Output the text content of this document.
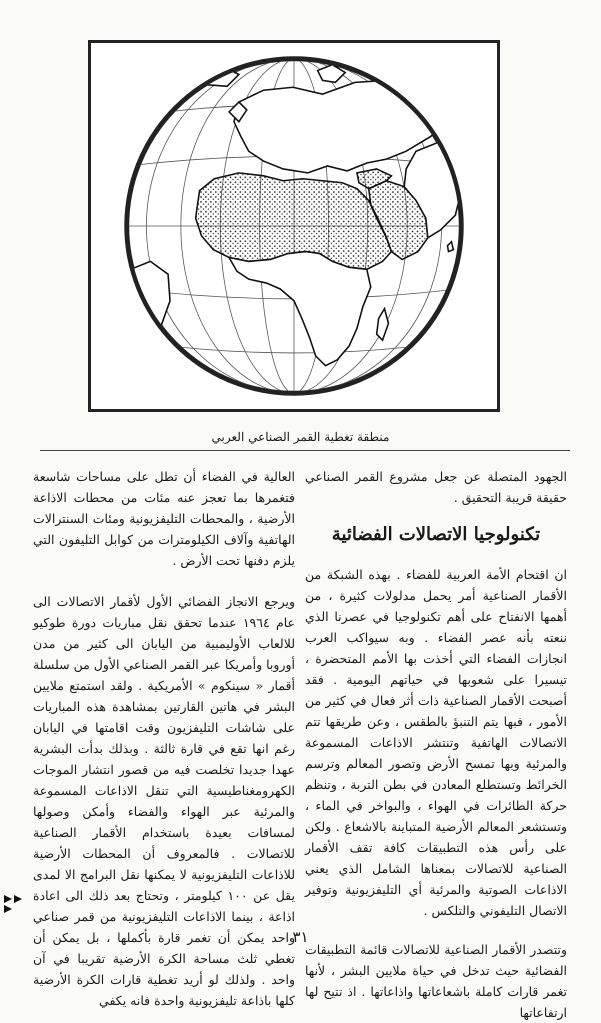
منطقة تغطية القمر الصناعي العربي

الجهود المتصلة عن جعل مشروع القمر الصناعي حقيقة قريبة التحقيق .

تكنولوجيا الاتصالات الفضائية

ان اقتحام الأمة العربية للفضاء . بهذه الشبكة من الأقمار الصناعية أمر يحمل مدلولات كثيرة ، من أهمها الانفتاح على أهم تكنولوجيا في عصرنا الذي ننعته بأنه عصر الفضاء . وبه سيواكب العرب انجازات الفضاء التي أخذت بها الأمم المتحضرة ، تيسيرا على شعوبها في حياتهم اليومية . فقد أصبحت الأقمار الصناعية ذات أثر فعال في كثير من الأمور ، فبها يتم التنبؤ بالطقس ، وعن طريقها تتم الاتصالات الهاتفية وتنتشر الاذاعات المسموعة والمرئية وبها تمسح الأرض وتصور المعالم وترسم الخرائط وتستطلع المعادن في بطن التربة ، وتنظم حركة الطائرات في الهواء ، والبواخر في الماء ، وتستشعر المعالم الأرضية المتباينة بالاشعاع . ولكن على رأس هذه التطبيقات كافة تقف الأقمار الصناعية للاتصالات بمعناها الشامل الذي يعني الاذاعات الصوتية والمرئية أي التليفزيونية وتوفير الاتصال التليفوني والتلكس .

وتتصدر الأقمار الصناعية للاتصالات قائمة التطبيقات الفضائية حيث تدخل في حياة ملايين البشر ، لأنها تغمر قارات كاملة باشعاعاتها واذاعاتها . اذ تتيح لها ارتفاعاتها

العالية في الفضاء أن تطل على مساحات شاسعة فتغمرها بما تعجز عنه مئات من محطات الاذاعة الأرضية ، والمحطات التليفزيونية ومئات السنترالات الهاتفية وآلاف الكيلومترات من كوابل التليفون التي يلزم دفنها تحت الأرض .

ويرجع الانجاز الفضائي الأول لأقمار الاتصالات الى عام ١٩٦٤ عندما تحقق نقل مباريات دورة طوكيو للالعاب الأوليمبية من اليابان الى كثير من مدن أوروبا وأمريكا عبر القمر الصناعي الأول من سلسلة أقمار « سينكوم » الأمريكية . ولقد استمتع ملايين البشر في هاتين القارتين بمشاهدة هذه المباريات على شاشات التليفزيون وقت اقامتها في اليابان رغم انها تقع في قارة ثالثة . وبذلك بدأت البشرية عهدا جديدا تخلصت فيه من قصور انتشار الموجات الكهرومغناطيسية التي تنقل الاذاعات المسموعة والمرئية عبر الهواء والفضاء وأمكن وصولها لمسافات بعيدة باستخدام الأقمار الصناعية للاتصالات . فالمعروف أن المحطات الأرضية للاذاعات التليفزيونية لا يمكنها نقل البرامج الا لمدى يقل عن ١٠٠ كيلومتر ، وتحتاج بعد ذلك الى اعادة اذاعة ، بينما الاذاعات التليفزيونية من قمر صناعي واحد يمكن أن تغمر قارة بأكملها ، بل يمكن أن تغطي ثلث مساحة الكرة الأرضية تقريبا في آن واحد . ولذلك لو أريد تغطية قارات الكرة الأرضية كلها باذاعة تليفزيونية واحدة فانه يكفي

٣١
